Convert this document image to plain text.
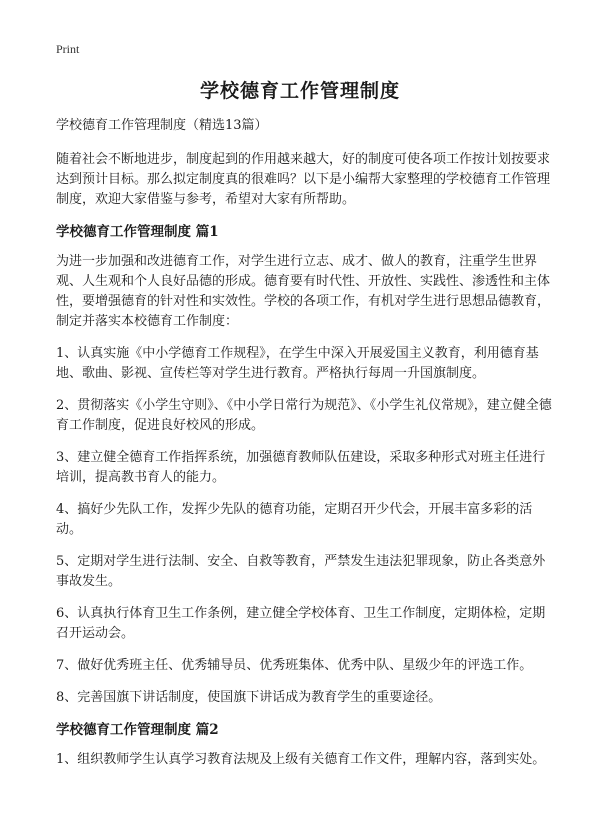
Print
学校德育工作管理制度

学校德育工作管理制度（精选13篇）

随着社会不断地进步，制度起到的作用越来越大，好的制度可使各项工作按计划按要求达到预计目标。那么拟定制度真的很难吗？以下是小编帮大家整理的学校德育工作管理制度，欢迎大家借鉴与参考，希望对大家有所帮助。

学校德育工作管理制度 篇1

为进一步加强和改进德育工作，对学生进行立志、成才、做人的教育，注重学生世界观、人生观和个人良好品德的形成。德育要有时代性、开放性、实践性、渗透性和主体性，要增强德育的针对性和实效性。学校的各项工作，有机对学生进行思想品德教育，制定并落实本校德育工作制度：

1、认真实施《中小学德育工作规程》，在学生中深入开展爱国主义教育，利用德育基地、歌曲、影视、宣传栏等对学生进行教育。严格执行每周一升国旗制度。

2、贯彻落实《小学生守则》、《中小学日常行为规范》、《小学生礼仪常规》，建立健全德育工作制度，促进良好校风的形成。

3、建立健全德育工作指挥系统，加强德育教师队伍建设，采取多种形式对班主任进行培训，提高教书育人的能力。

4、搞好少先队工作，发挥少先队的德育功能，定期召开少代会，开展丰富多彩的活动。

5、定期对学生进行法制、安全、自救等教育，严禁发生违法犯罪现象，防止各类意外事故发生。

6、认真执行体育卫生工作条例，建立健全学校体育、卫生工作制度，定期体检，定期召开运动会。

7、做好优秀班主任、优秀辅导员、优秀班集体、优秀中队、星级少年的评选工作。

8、完善国旗下讲话制度，使国旗下讲话成为教育学生的重要途径。

学校德育工作管理制度 篇2

1、组织教师学生认真学习教育法规及上级有关德育工作文件，理解内容，落到实处。
